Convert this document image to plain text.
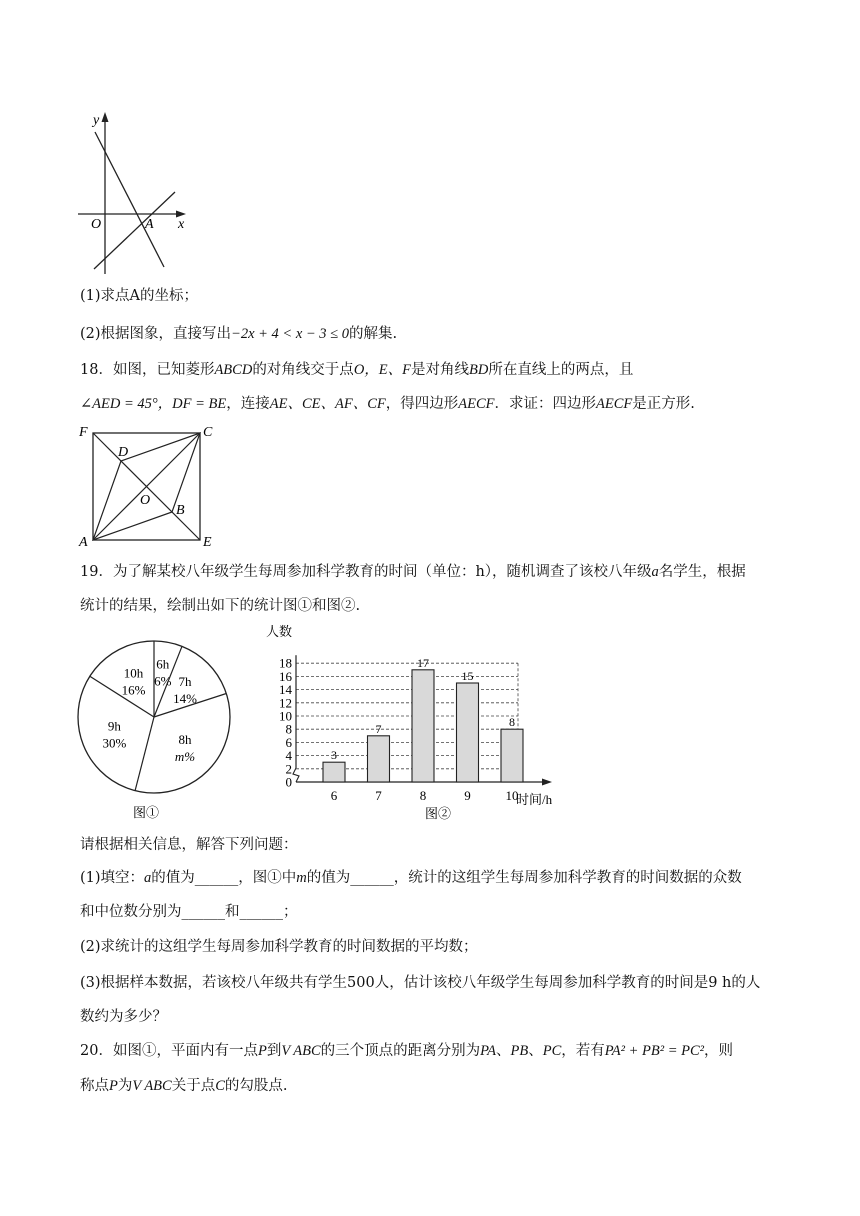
y
x
O	A
(1)求点A的坐标；
(2)根据图象，直接写出−2x + 4 < x − 3 ≤ 0的解集.
18．如图，已知菱形ABCD的对角线交于点O，E、F是对角线BD所在直线上的两点，且
∠AED = 45°，DF = BE，连接AE、CE、AF、CF，得四边形AECF．求证：四边形AECF是正方形.
F	C
D
O
B
A	E
19．为了解某校八年级学生每周参加科学教育的时间（单位：h），随机调查了该校八年级a名学生，根据
统计的结果，绘制出如下的统计图①和图②.
6h
6% 7h
14%
8h
m%
9h
30%
10h
16%
图①
0
2
4
6
8
10
12
14
16
18
人数
时间/h
3
6
7
7
17
8
15
9
8
10
图②
请根据相关信息，解答下列问题：
(1)填空：a的值为______，图①中m的值为______，统计的这组学生每周参加科学教育的时间数据的众数
和中位数分别为______和______；
(2)求统计的这组学生每周参加科学教育的时间数据的平均数；
(3)根据样本数据，若该校八年级共有学生500人，估计该校八年级学生每周参加科学教育的时间是9 h的人
数约为多少？
20．如图①，平面内有一点P到V ABC的三个顶点的距离分别为PA、PB、PC，若有PA² + PB² = PC²，则
称点P为V ABC关于点C的勾股点.
